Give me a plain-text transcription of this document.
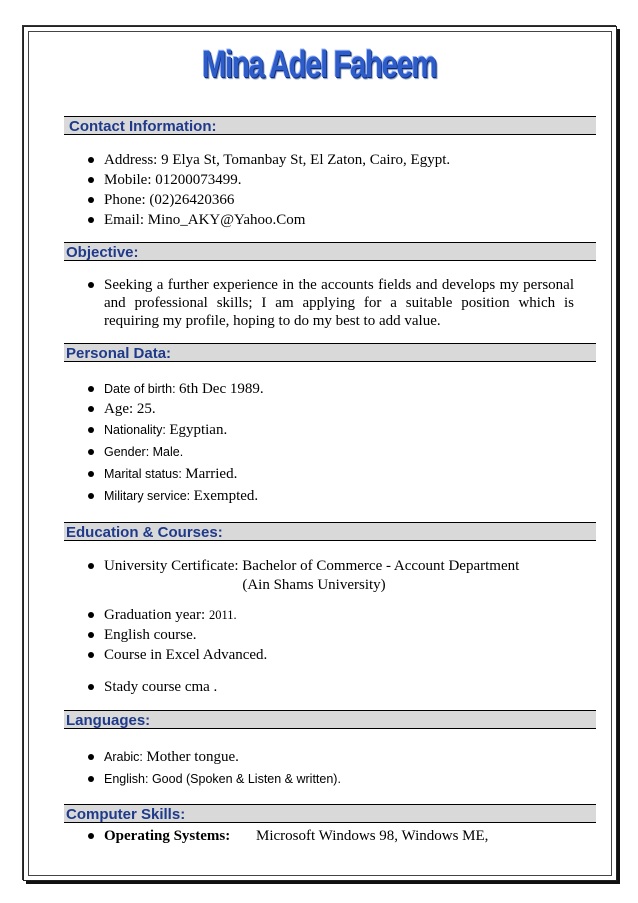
Mina Adel Faheem
Contact Information:
Address: 9 Elya St, Tomanbay St, El Zaton, Cairo, Egypt.
Mobile: 01200073499.
Phone: (02)26420366
Email: Mino_AKY@Yahoo.Com
Objective:
Seeking a further experience in the accounts fields and develops my personal and professional skills; I am applying for a suitable position which is requiring my profile, hoping to do my best to add value.
Personal Data:
Date of birth: 6th Dec 1989.
Age: 25.
Nationality: Egyptian.
Gender: Male.
Marital status: Married.
Military service: Exempted.
Education & Courses:
University Certificate: Bachelor of Commerce - Account Department
(Ain Shams University)
Graduation year: 2011.
English course.
Course in Excel Advanced.
Stady course cma .
Languages:
Arabic: Mother tongue.
English: Good (Spoken & Listen & written).
Computer Skills:
Operating Systems: Microsoft Windows 98, Windows ME,
